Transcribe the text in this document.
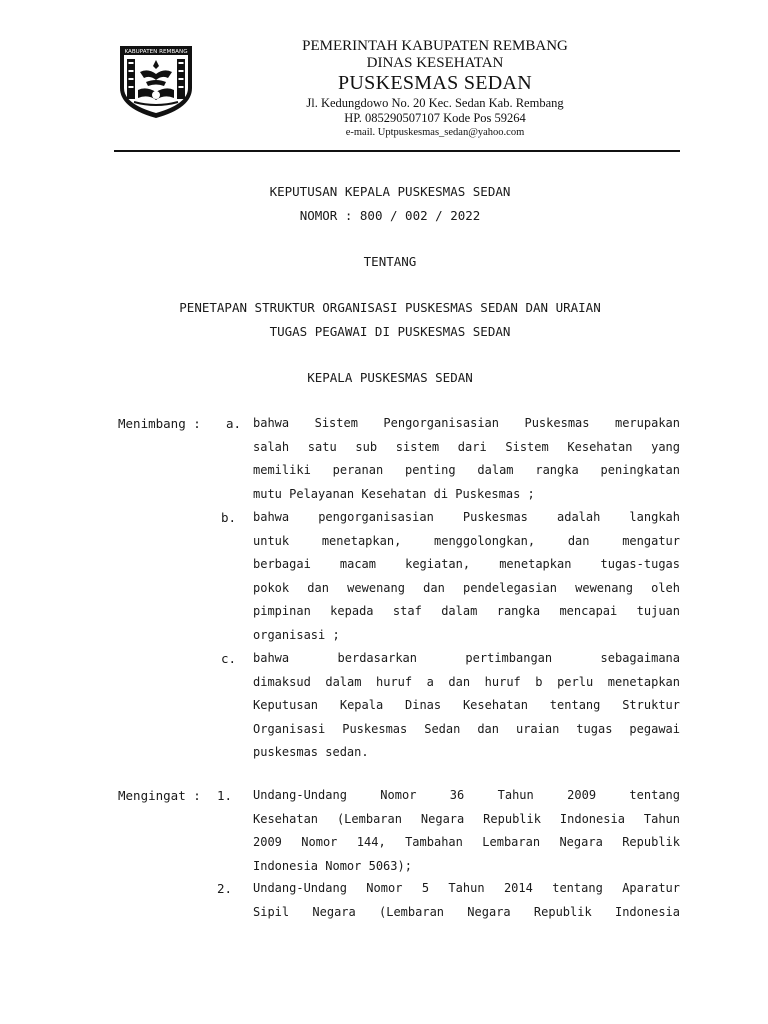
KABUPATEN REMBANG	PEMERINTAH KABUPATEN REMBANG
DINAS KESEHATAN
PUSKESMAS SEDAN
Jl. Kedungdowo No. 20 Kec. Sedan Kab. Rembang
HP. 085290507107 Kode Pos 59264
e-mail. Uptpuskesmas_sedan@yahoo.com
KEPUTUSAN KEPALA PUSKESMAS SEDAN
NOMOR : 800 / 002 / 2022
TENTANG
PENETAPAN STRUKTUR ORGANISASI PUSKESMAS SEDAN DAN URAIAN
TUGAS PEGAWAI DI PUSKESMAS SEDAN
KEPALA PUSKESMAS SEDAN
Menimbang : a. bahwa Sistem Pengorganisasian Puskesmas merupakan
salah satu sub sistem dari Sistem Kesehatan yang
memiliki peranan penting dalam rangka peningkatan
mutu Pelayanan Kesehatan di Puskesmas ;
b. bahwa pengorganisasian Puskesmas adalah langkah
untuk menetapkan, menggolongkan, dan mengatur
berbagai macam kegiatan, menetapkan tugas-tugas
pokok dan wewenang dan pendelegasian wewenang oleh
pimpinan kepada staf dalam rangka mencapai tujuan
organisasi ;
c. bahwa berdasarkan pertimbangan sebagaimana
dimaksud dalam huruf a dan huruf b perlu menetapkan
Keputusan Kepala Dinas Kesehatan tentang Struktur
Organisasi Puskesmas Sedan dan uraian tugas pegawai
puskesmas sedan.
Mengingat : 1. Undang-Undang Nomor 36 Tahun 2009 tentang
Kesehatan (Lembaran Negara Republik Indonesia Tahun
2009 Nomor 144, Tambahan Lembaran Negara Republik
Indonesia Nomor 5063);
2. Undang-Undang Nomor 5 Tahun 2014 tentang Aparatur
Sipil Negara (Lembaran Negara Republik Indonesia
